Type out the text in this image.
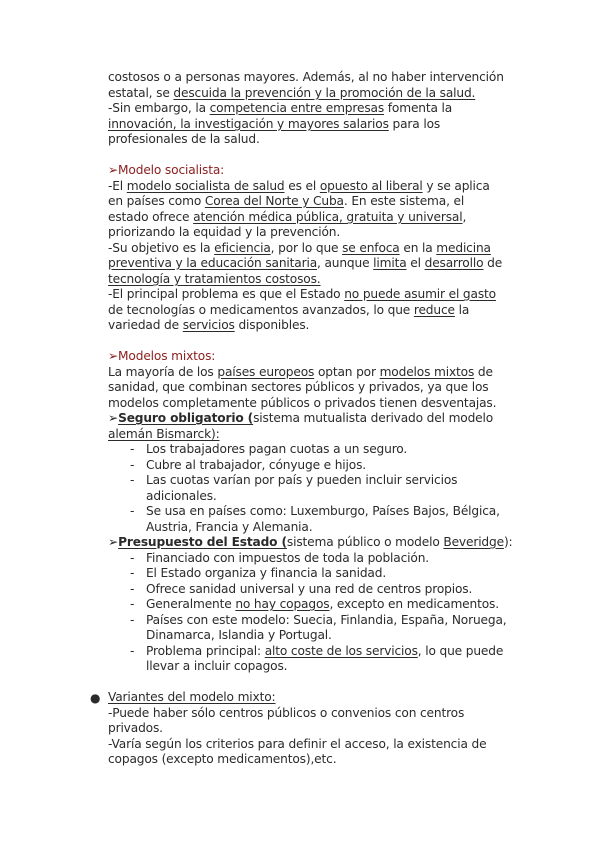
costosos o a personas mayores. Además, al no haber intervención
estatal, se descuida la prevención y la promoción de la salud.
-Sin embargo, la competencia entre empresas fomenta la
innovación, la investigación y mayores salarios para los
profesionales de la salud.
➢Modelo socialista:
-El modelo socialista de salud es el opuesto al liberal y se aplica
en países como Corea del Norte y Cuba. En este sistema, el
estado ofrece atención médica pública, gratuita y universal,
priorizando la equidad y la prevención.
-Su objetivo es la eficiencia, por lo que se enfoca en la medicina
preventiva y la educación sanitaria, aunque limita el desarrollo de
tecnología y tratamientos costosos.
-El principal problema es que el Estado no puede asumir el gasto
de tecnologías o medicamentos avanzados, lo que reduce la
variedad de servicios disponibles.
➢Modelos mixtos:
La mayoría de los países europeos optan por modelos mixtos de
sanidad, que combinan sectores públicos y privados, ya que los
modelos completamente públicos o privados tienen desventajas.
➢Seguro obligatorio (sistema mutualista derivado del modelo
alemán Bismarck):
- Los trabajadores pagan cuotas a un seguro.
- Cubre al trabajador, cónyuge e hijos.
- Las cuotas varían por país y pueden incluir servicios
adicionales.
- Se usa en países como: Luxemburgo, Países Bajos, Bélgica,
Austria, Francia y Alemania.
➢Presupuesto del Estado (sistema público o modelo Beveridge):
- Financiado con impuestos de toda la población.
- El Estado organiza y financia la sanidad.
- Ofrece sanidad universal y una red de centros propios.
- Generalmente no hay copagos, excepto en medicamentos.
- Países con este modelo: Suecia, Finlandia, España, Noruega,
Dinamarca, Islandia y Portugal.
- Problema principal: alto coste de los servicios, lo que puede
llevar a incluir copagos.
● Variantes del modelo mixto:
-Puede haber sólo centros públicos o convenios con centros
privados.
-Varía según los criterios para definir el acceso, la existencia de
copagos (excepto medicamentos),etc.
